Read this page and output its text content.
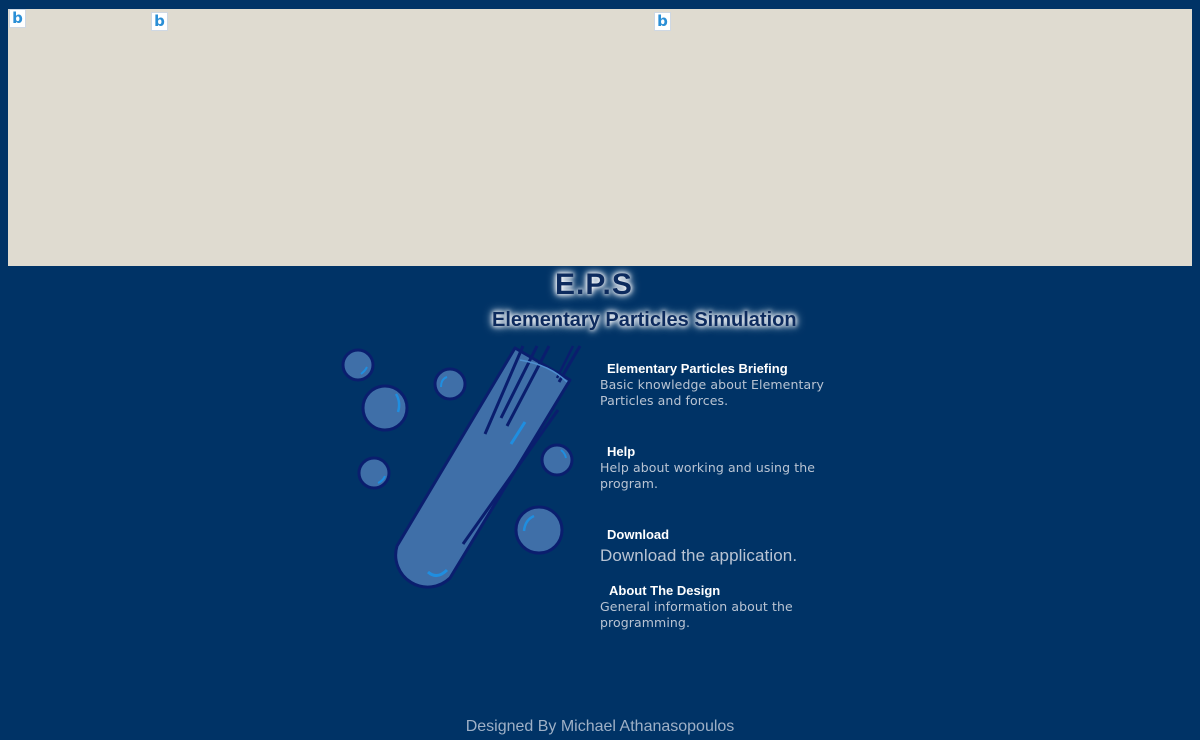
b	b	b
E.P.S
Elementary Particles Simulation
Elementary Particles Briefing
Basic knowledge about Elementary Particles and forces.
Help
Help about working and using the program.
Download
Download the application.
About The Design
General information about the programming.
Designed By Michael Athanasopoulos
